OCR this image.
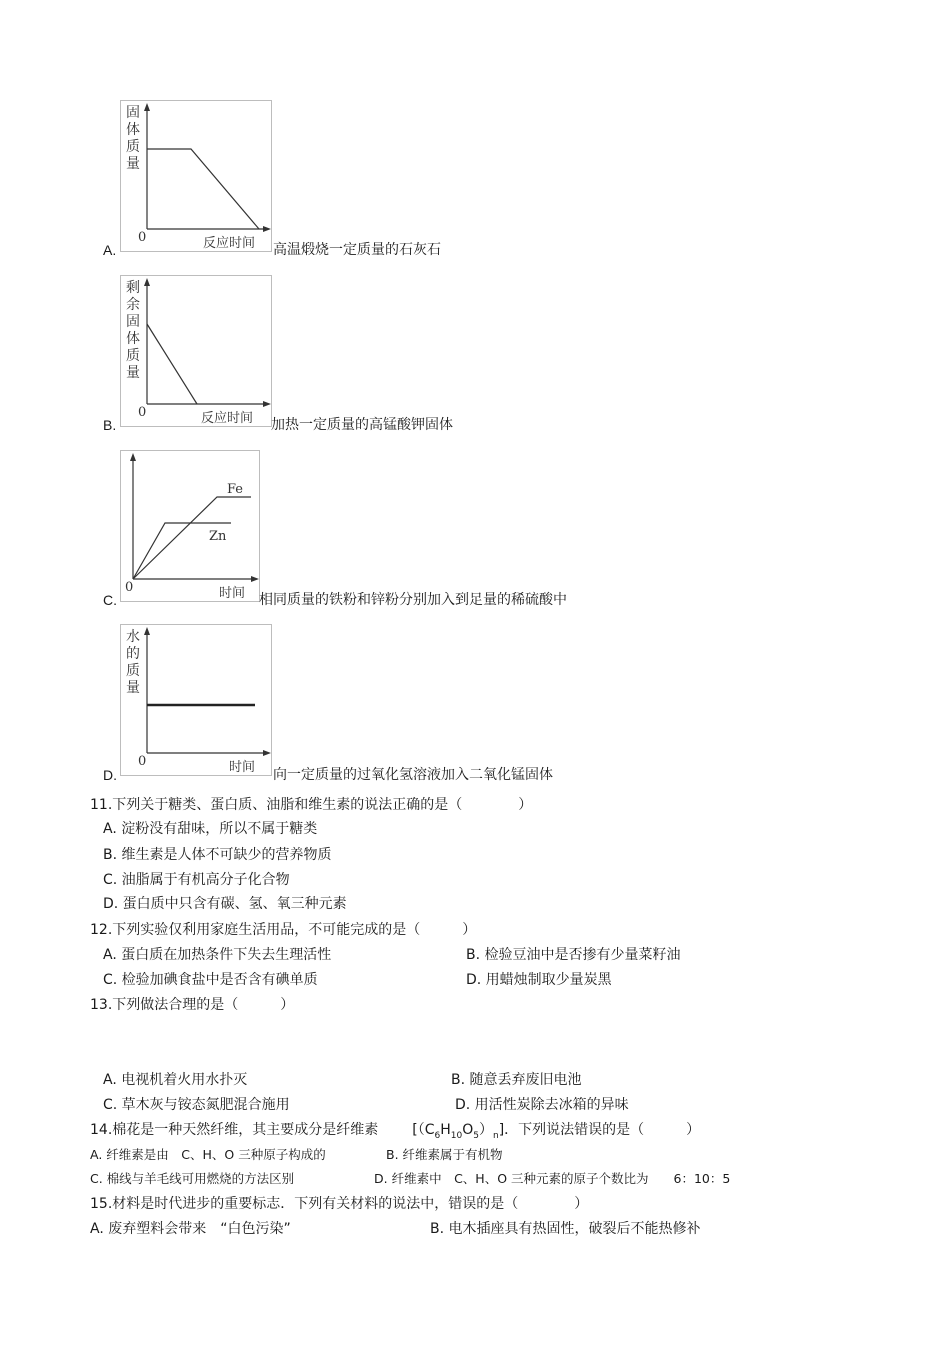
固体质量
0	反应时间
A.	高温煅烧一定质量的石灰石
剩余固体质量
0	反应时间
B.	加热一定质量的高锰酸钾固体
Fe
Zn
0	时间
C.	相同质量的铁粉和锌粉分别加入到足量的稀硫酸中
水的质量
0	时间
D.	向一定质量的过氧化氢溶液加入二氧化锰固体
11.下列关于糖类、蛋白质、油脂和维生素的说法正确的是（　　　　）
A. 淀粉没有甜味，所以不属于糖类
B. 维生素是人体不可缺少的营养物质
C. 油脂属于有机高分子化合物
D. 蛋白质中只含有碳、氢、氧三种元素
12.下列实验仅利用家庭生活用品，不可能完成的是（　　　）
A. 蛋白质在加热条件下失去生理活性	B. 检验豆油中是否掺有少量菜籽油
C. 检验加碘食盐中是否含有碘单质	D. 用蜡烛制取少量炭黑
13.下列做法合理的是（　　　）
A. 电视机着火用水扑灭	B. 随意丢弃废旧电池
C. 草木灰与铵态氮肥混合施用	D. 用活性炭除去冰箱的异味
14.棉花是一种天然纤维，其主要成分是纤维素 $[(C_6H_{10}O_5)_n]$．下列说法错误的是（　　　）
A. 纤维素是由　C、H、O 三种原子构成的	B. 纤维素属于有机物
C. 棉线与羊毛线可用燃烧的方法区别	D. 纤维素中　C、H、O 三种元素的原子个数比为　　6：10：5
15.材料是时代进步的重要标志．下列有关材料的说法中，错误的是（　　　　）
A. 废弃塑料会带来　“白色污染”	B. 电木插座具有热固性，破裂后不能热修补
